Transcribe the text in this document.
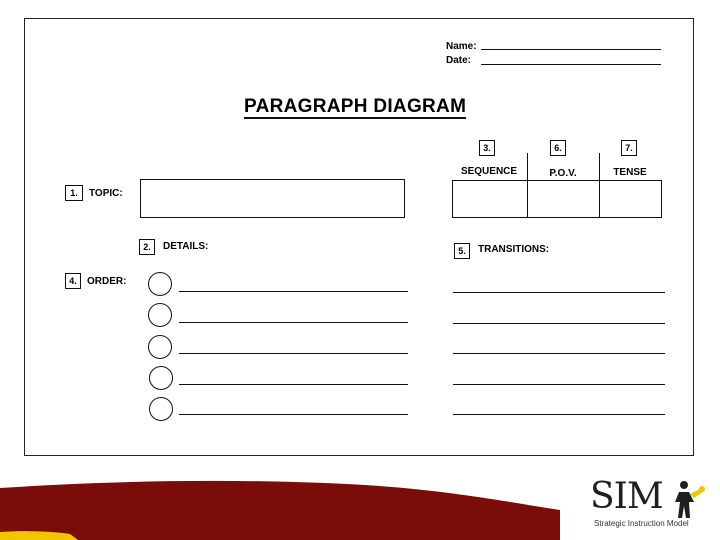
Name:
Date:
PARAGRAPH DIAGRAM
1.	TOPIC:
2.	DETAILS:
4.	ORDER:
3.	6.	7.
SEQUENCE	P.O.V.	TENSE
5.	TRANSITIONS:
SIM
Strategic Instruction Model
